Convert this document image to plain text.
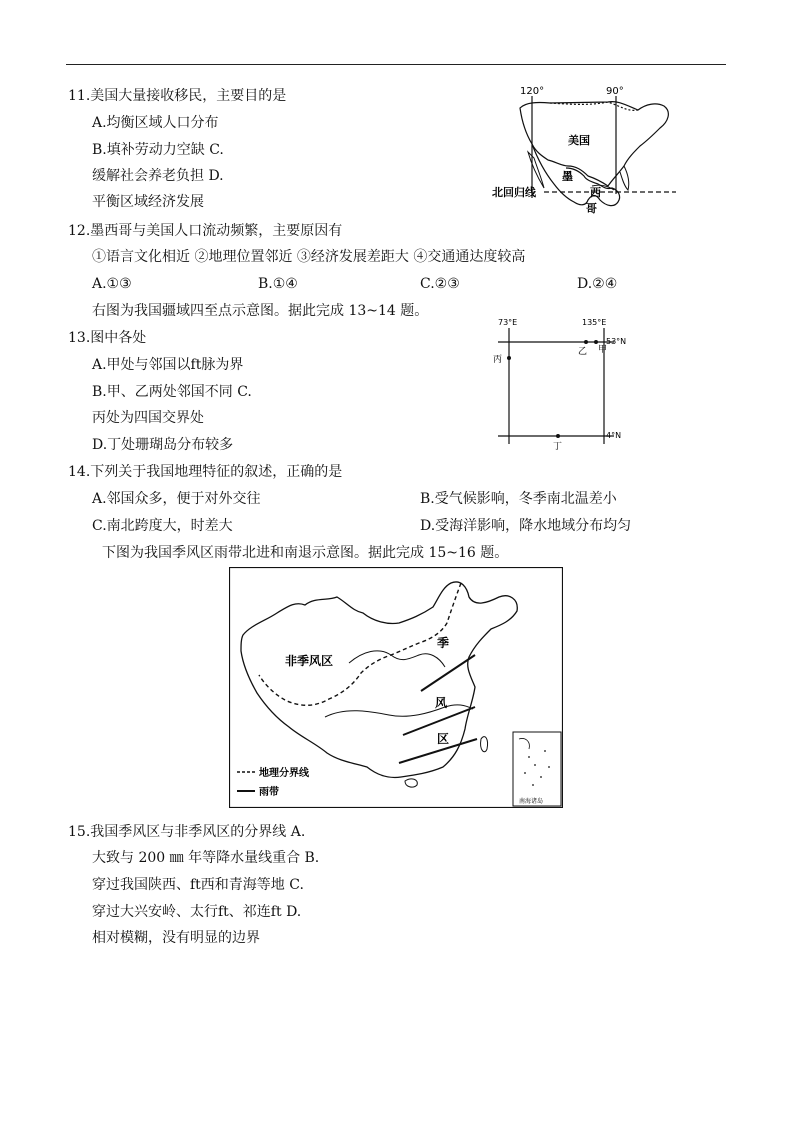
11.美国大量接收移民，主要目的是
A.均衡区域人口分布
B.填补劳动力空缺 C.
缓解社会养老负担 D.
平衡区域经济发展
12.墨西哥与美国人口流动频繁，主要原因有
①语言文化相近 ②地理位置邻近 ③经济发展差距大 ④交通通达度较高
A.①③	B.①④	C.②③	D.②④
右图为我国疆域四至点示意图。据此完成 13~14 题。
13.图中各处
A.甲处与邻国以ft脉为界
B.甲、乙两处邻国不同 C.
丙处为四国交界处
D.丁处珊瑚岛分布较多
14.下列关于我国地理特征的叙述，正确的是
A.邻国众多，便于对外交往	B.受气候影响，冬季南北温差小
C.南北跨度大，时差大	D.受海洋影响，降水地域分布均匀
下图为我国季风区雨带北进和南退示意图。据此完成 15~16 题。
15.我国季风区与非季风区的分界线 A.
大致与 200 ㎜ 年等降水量线重合 B.
穿过我国陕西、ft西和青海等地 C.
穿过大兴安岭、太行ft、祁连ft D.
相对模糊，没有明显的边界
120°	90°
美国
北回归线
墨
西
哥
73°E	135°E
53°N
4°N
甲
乙
丙
丁
南海诸岛
非季风区
季
风
区
地理分界线
雨带
